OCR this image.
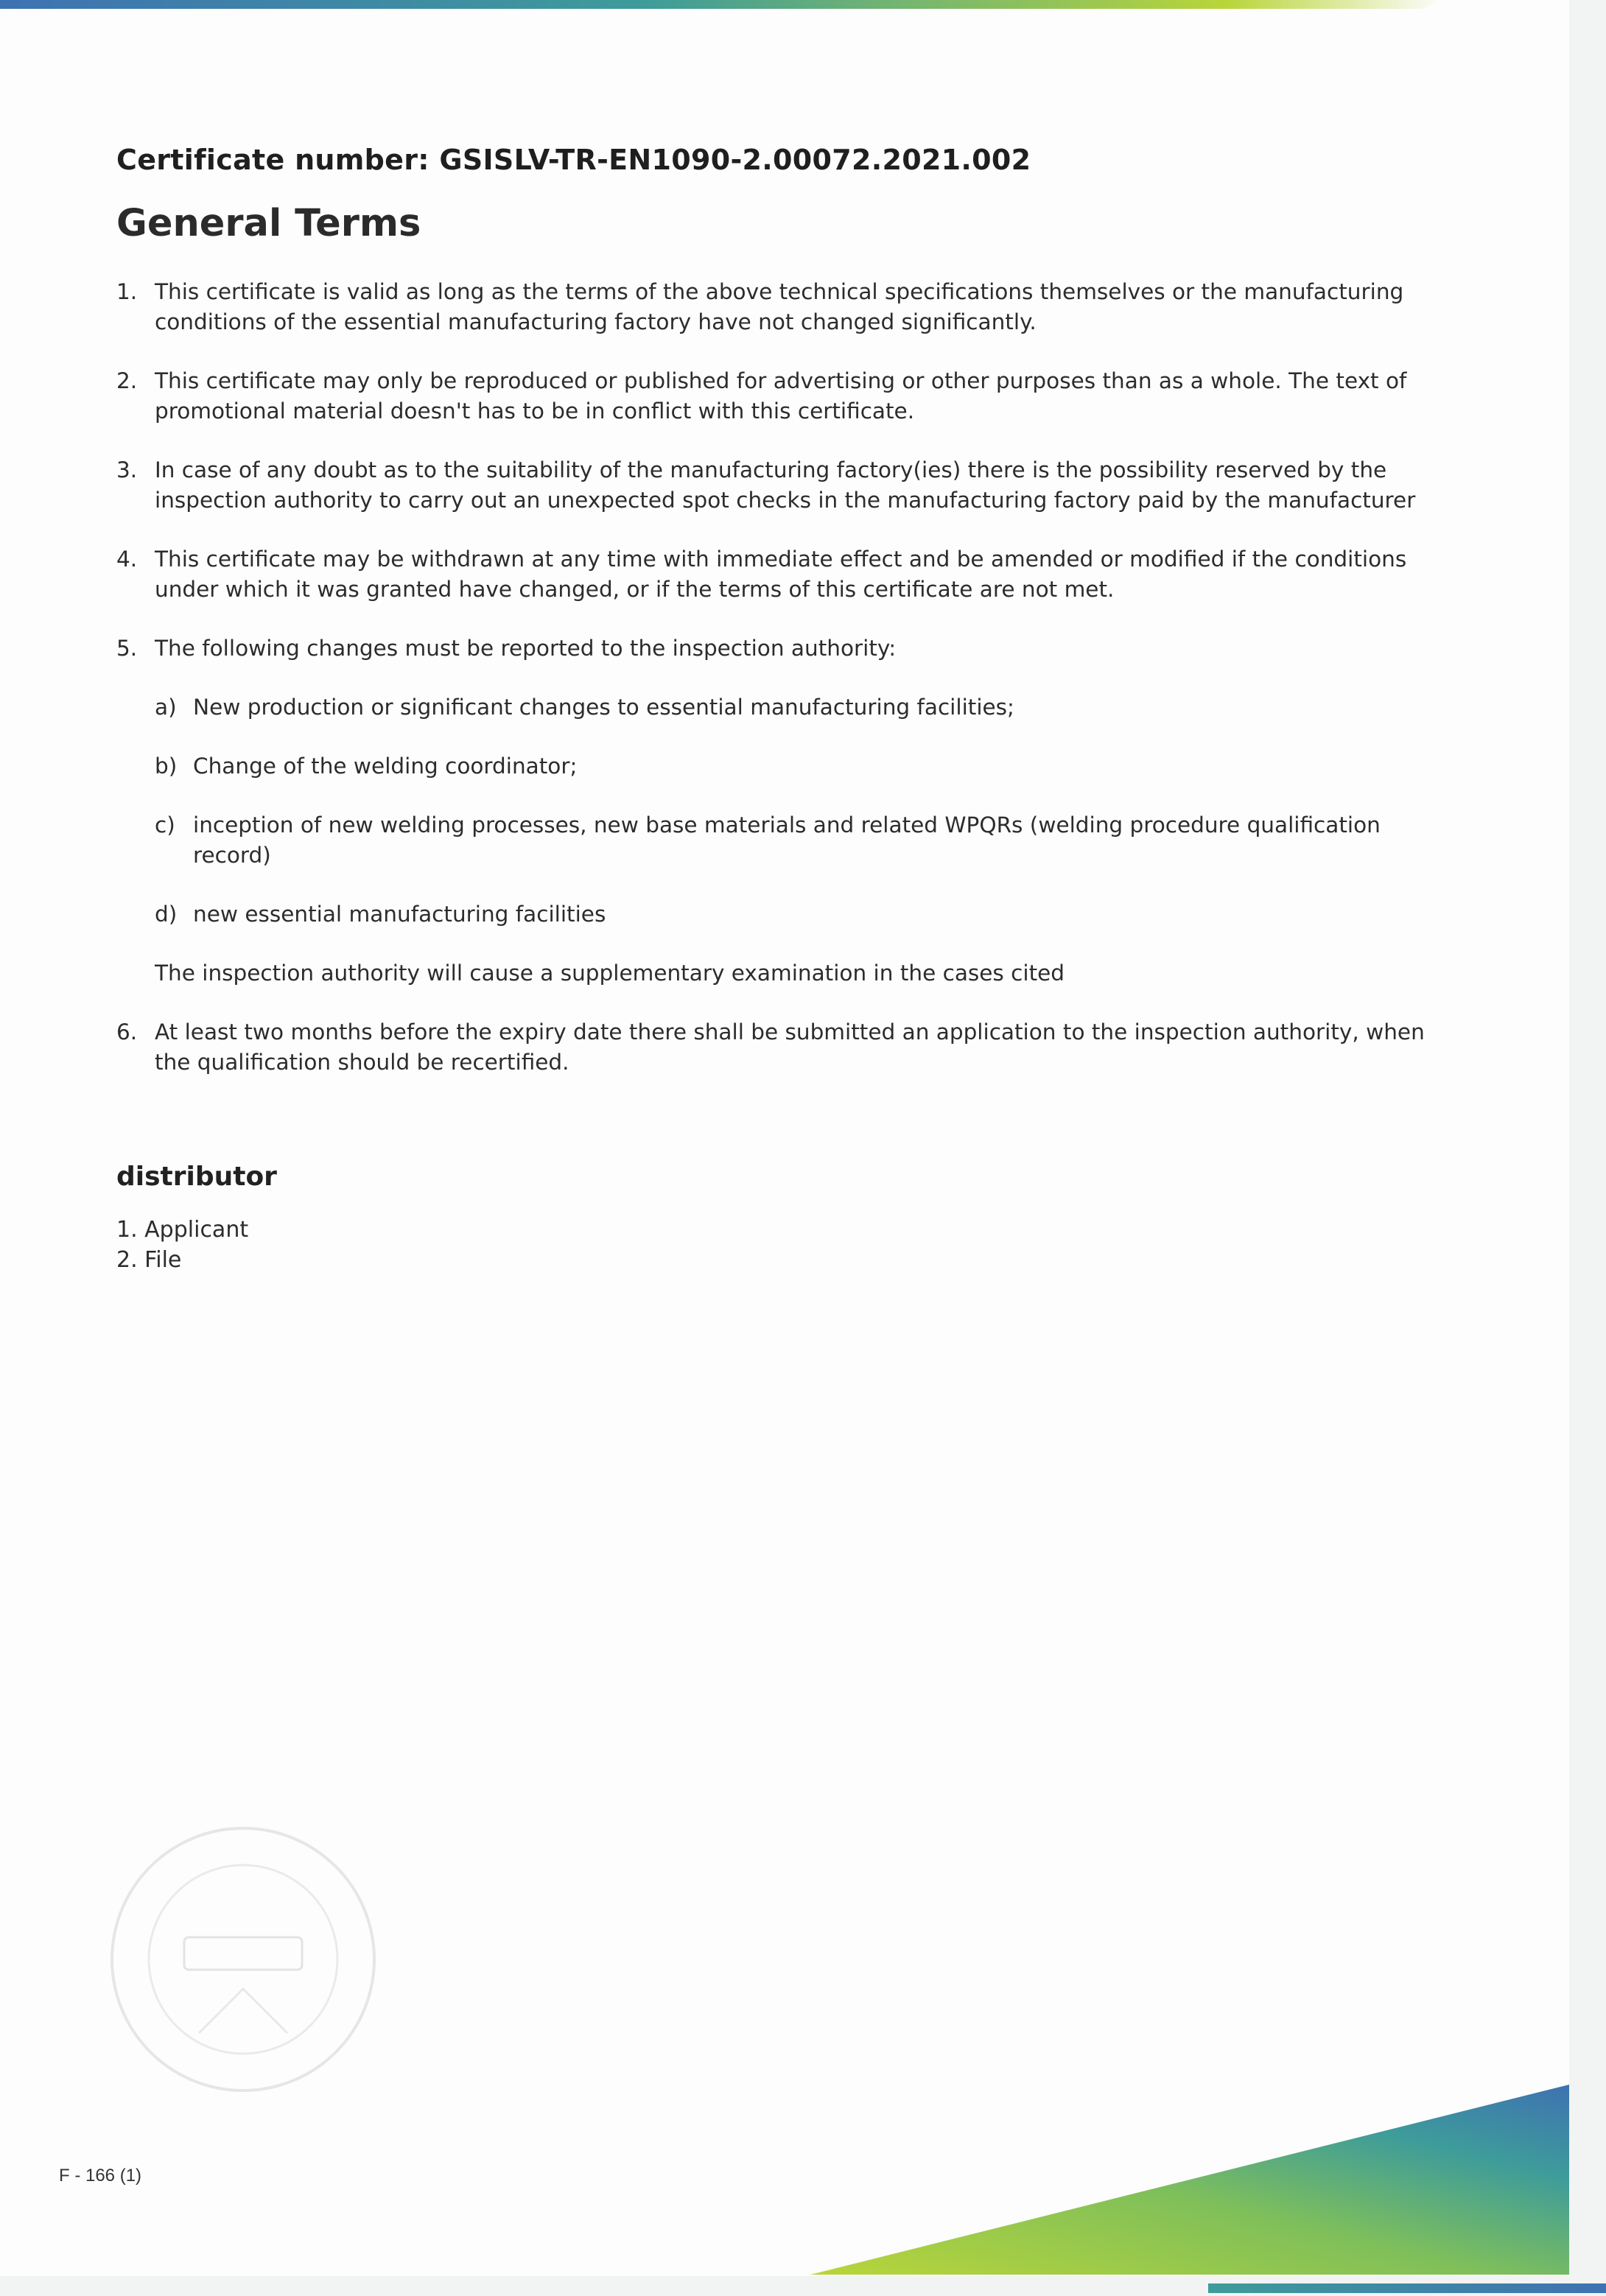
Certificate number: GSISLV-TR-EN1090-2.00072.2021.002

General Terms
1. This certificate is valid as long as the terms of the above technical specifications themselves or the manufacturing conditions of the essential manufacturing factory have not changed significantly.
2. This certificate may only be reproduced or published for advertising or other purposes than as a whole. The text of promotional material doesn't has to be in conflict with this certificate.
3. In case of any doubt as to the suitability of the manufacturing factory(ies) there is the possibility reserved by the inspection authority to carry out an unexpected spot checks in the manufacturing factory paid by the manufacturer
4. This certificate may be withdrawn at any time with immediate effect and be amended or modified if the conditions under which it was granted have changed, or if the terms of this certificate are not met.
5. The following changes must be reported to the inspection authority:
a) New production or significant changes to essential manufacturing facilities;
b) Change of the welding coordinator;
c) inception of new welding processes, new base materials and related WPQRs (welding procedure qualification record)
d) new essential manufacturing facilities

The inspection authority will cause a supplementary examination in the cases cited

6. At least two months before the expiry date there shall be submitted an application to the inspection authority, when the qualification should be recertified.
distributor
1. Applicant
2. File
F - 166 (1)
